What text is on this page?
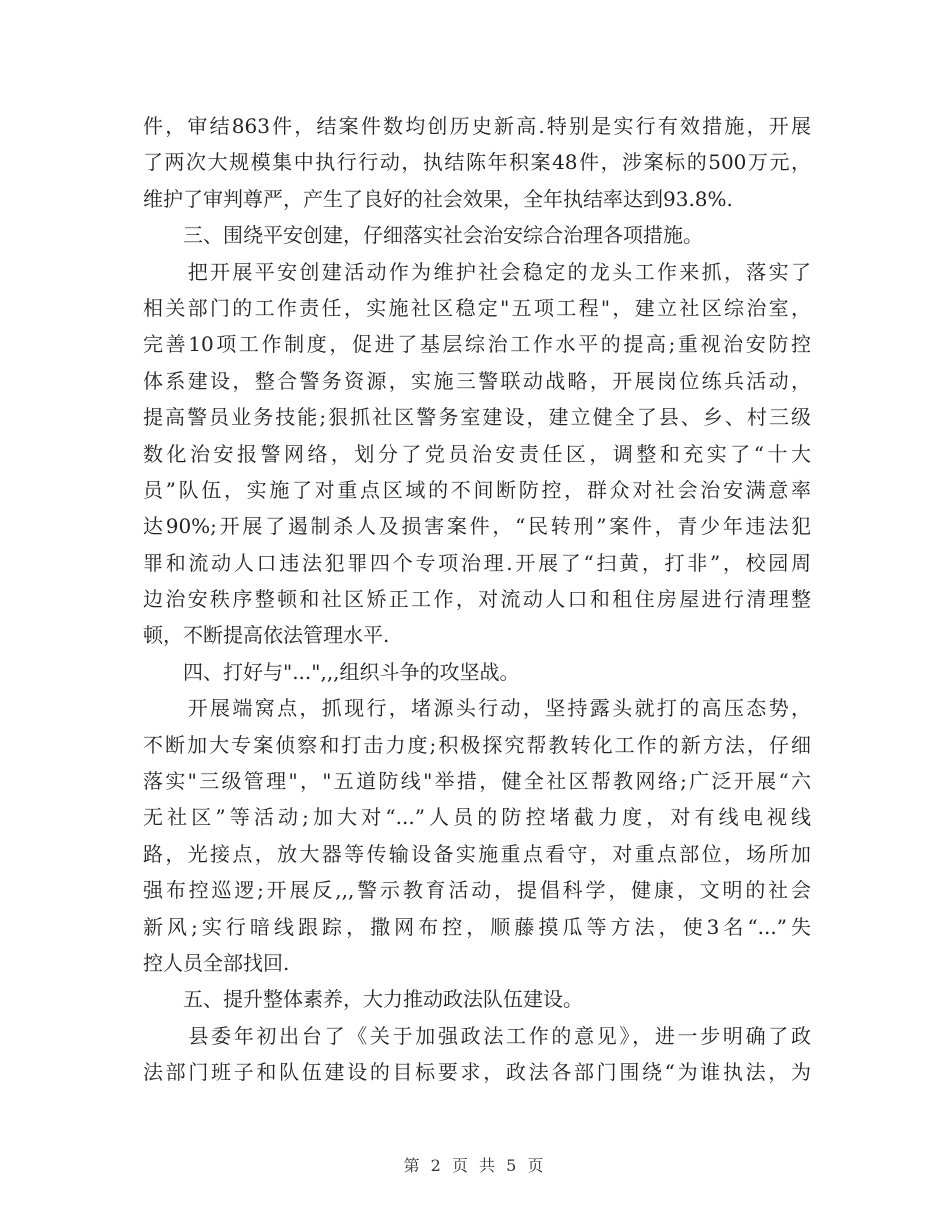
件，审结863件，结案件数均创历史新高.特别是实行有效措施，开展
了两次大规模集中执行行动，执结陈年积案48件，涉案标的500万元，
维护了审判尊严，产生了良好的社会效果，全年执结率达到93.8%.
　　三、围绕平安创建，仔细落实社会治安综合治理各项措施。
　　把开展平安创建活动作为维护社会稳定的龙头工作来抓，落实了
相关部门的工作责任，实施社区稳定"五项工程"，建立社区综治室，
完善10项工作制度，促进了基层综治工作水平的提高;重视治安防控
体系建设，整合警务资源，实施三警联动战略，开展岗位练兵活动，
提高警员业务技能;狠抓社区警务室建设，建立健全了县、乡、村三级
数化治安报警网络，划分了党员治安责任区，调整和充实了“十大
员”队伍，实施了对重点区域的不间断防控，群众对社会治安满意率
达90%;开展了遏制杀人及损害案件，“民转刑”案件，青少年违法犯
罪和流动人口违法犯罪四个专项治理.开展了“扫黄，打非”，校园周
边治安秩序整顿和社区矫正工作，对流动人口和租住房屋进行清理整
顿，不断提高依法管理水平.
　　四、打好与"...",,,组织斗争的攻坚战。
　　开展端窝点，抓现行，堵源头行动，坚持露头就打的高压态势，
不断加大专案侦察和打击力度;积极探究帮教转化工作的新方法，仔细
落实"三级管理"，"五道防线"举措，健全社区帮教网络;广泛开展“六
无社区”等活动;加大对“...”人员的防控堵截力度，对有线电视线
路，光接点，放大器等传输设备实施重点看守，对重点部位，场所加
强布控巡逻;开展反,,,警示教育活动，提倡科学，健康，文明的社会
新风;实行暗线跟踪，撒网布控，顺藤摸瓜等方法，使3名“...”失
控人员全部找回.
　　五、提升整体素养，大力推动政法队伍建设。
　　县委年初出台了《关于加强政法工作的意见》，进一步明确了政
法部门班子和队伍建设的目标要求，政法各部门围绕“为谁执法，为
第 2 页 共 5 页
